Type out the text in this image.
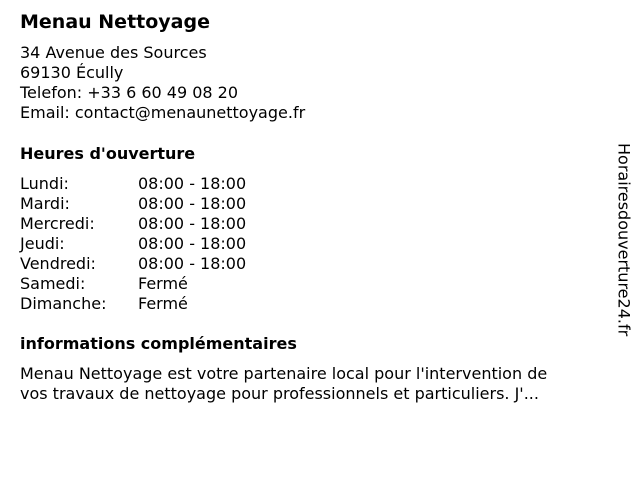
Menau Nettoyage
34 Avenue des Sources
69130 Écully
Telefon: +33 6 60 49 08 20
Email: contact@menaunettoyage.fr
Heures d'ouverture
Lundi:	08:00 - 18:00
Mardi:	08:00 - 18:00
Mercredi:	08:00 - 18:00
Jeudi:	08:00 - 18:00
Vendredi:	08:00 - 18:00
Samedi:	Fermé
Dimanche:	Fermé
informations complémentaires
Menau Nettoyage est votre partenaire local pour l'intervention de
vos travaux de nettoyage pour professionnels et particuliers. J'...
Horairesdouverture24.fr
